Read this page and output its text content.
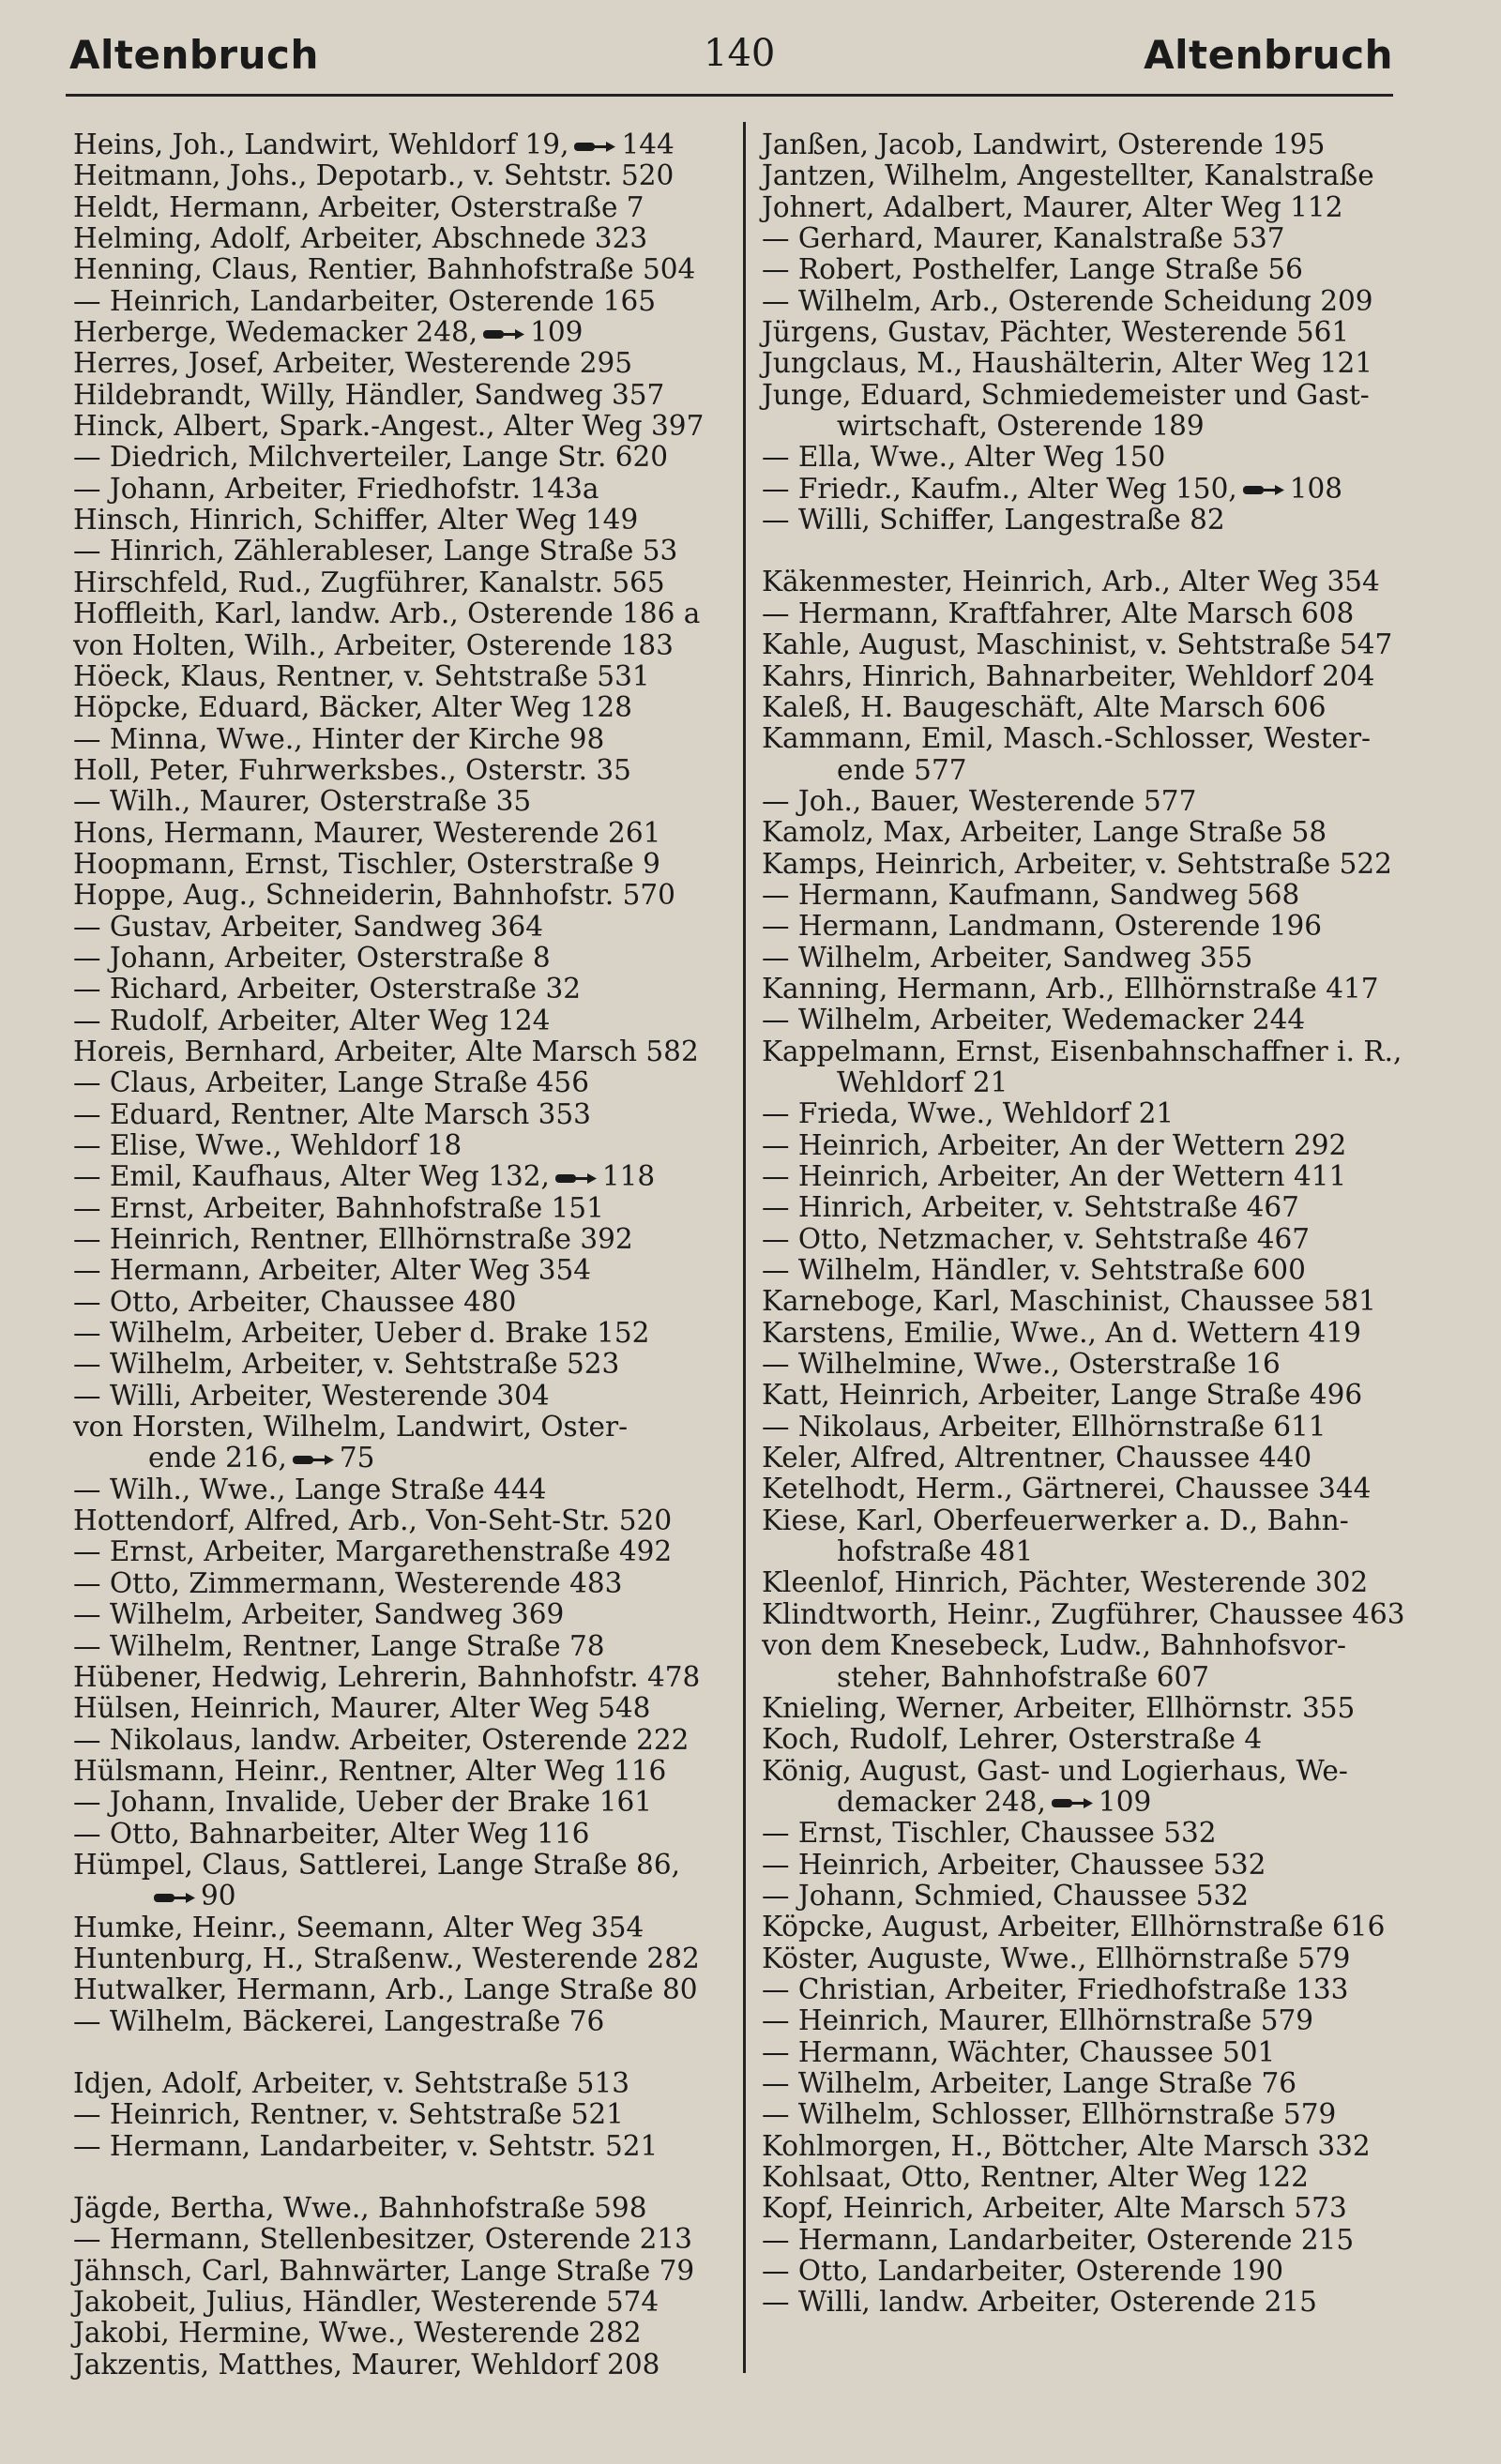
Altenbruch	140	Altenbruch
Heins, Joh., Landwirt, Wehldorf 19, 144
Heitmann, Johs., Depotarb., v. Sehtstr. 520
Heldt, Hermann, Arbeiter, Osterstraße 7
Helming, Adolf, Arbeiter, Abschnede 323
Henning, Claus, Rentier, Bahnhofstraße 504
— Heinrich, Landarbeiter, Osterende 165
Herberge, Wedemacker 248, 109
Herres, Josef, Arbeiter, Westerende 295
Hildebrandt, Willy, Händler, Sandweg 357
Hinck, Albert, Spark.-Angest., Alter Weg 397
— Diedrich, Milchverteiler, Lange Str. 620
— Johann, Arbeiter, Friedhofstr. 143a
Hinsch, Hinrich, Schiffer, Alter Weg 149
— Hinrich, Zählerableser, Lange Straße 53
Hirschfeld, Rud., Zugführer, Kanalstr. 565
Hoffleith, Karl, landw. Arb., Osterende 186 a
von Holten, Wilh., Arbeiter, Osterende 183
Höeck, Klaus, Rentner, v. Sehtstraße 531
Höpcke, Eduard, Bäcker, Alter Weg 128
— Minna, Wwe., Hinter der Kirche 98
Holl, Peter, Fuhrwerksbes., Osterstr. 35
— Wilh., Maurer, Osterstraße 35
Hons, Hermann, Maurer, Westerende 261
Hoopmann, Ernst, Tischler, Osterstraße 9
Hoppe, Aug., Schneiderin, Bahnhofstr. 570
— Gustav, Arbeiter, Sandweg 364
— Johann, Arbeiter, Osterstraße 8
— Richard, Arbeiter, Osterstraße 32
— Rudolf, Arbeiter, Alter Weg 124
Horeis, Bernhard, Arbeiter, Alte Marsch 582
— Claus, Arbeiter, Lange Straße 456
— Eduard, Rentner, Alte Marsch 353
— Elise, Wwe., Wehldorf 18
— Emil, Kaufhaus, Alter Weg 132, 118
— Ernst, Arbeiter, Bahnhofstraße 151
— Heinrich, Rentner, Ellhörnstraße 392
— Hermann, Arbeiter, Alter Weg 354
— Otto, Arbeiter, Chaussee 480
— Wilhelm, Arbeiter, Ueber d. Brake 152
— Wilhelm, Arbeiter, v. Sehtstraße 523
— Willi, Arbeiter, Westerende 304
von Horsten, Wilhelm, Landwirt, Oster-
ende 216, 75
— Wilh., Wwe., Lange Straße 444
Hottendorf, Alfred, Arb., Von-Seht-Str. 520
— Ernst, Arbeiter, Margarethenstraße 492
— Otto, Zimmermann, Westerende 483
— Wilhelm, Arbeiter, Sandweg 369
— Wilhelm, Rentner, Lange Straße 78
Hübener, Hedwig, Lehrerin, Bahnhofstr. 478
Hülsen, Heinrich, Maurer, Alter Weg 548
— Nikolaus, landw. Arbeiter, Osterende 222
Hülsmann, Heinr., Rentner, Alter Weg 116
— Johann, Invalide, Ueber der Brake 161
— Otto, Bahnarbeiter, Alter Weg 116
Hümpel, Claus, Sattlerei, Lange Straße 86,
90
Humke, Heinr., Seemann, Alter Weg 354
Huntenburg, H., Straßenw., Westerende 282
Hutwalker, Hermann, Arb., Lange Straße 80
— Wilhelm, Bäckerei, Langestraße 76
Idjen, Adolf, Arbeiter, v. Sehtstraße 513
— Heinrich, Rentner, v. Sehtstraße 521
— Hermann, Landarbeiter, v. Sehtstr. 521
Jägde, Bertha, Wwe., Bahnhofstraße 598
— Hermann, Stellenbesitzer, Osterende 213
Jähnsch, Carl, Bahnwärter, Lange Straße 79
Jakobeit, Julius, Händler, Westerende 574
Jakobi, Hermine, Wwe., Westerende 282
Jakzentis, Matthes, Maurer, Wehldorf 208
Janßen, Jacob, Landwirt, Osterende 195
Jantzen, Wilhelm, Angestellter, Kanalstraße
Johnert, Adalbert, Maurer, Alter Weg 112
— Gerhard, Maurer, Kanalstraße 537
— Robert, Posthelfer, Lange Straße 56
— Wilhelm, Arb., Osterende Scheidung 209
Jürgens, Gustav, Pächter, Westerende 561
Jungclaus, M., Haushälterin, Alter Weg 121
Junge, Eduard, Schmiedemeister und Gast-
wirtschaft, Osterende 189
— Ella, Wwe., Alter Weg 150
— Friedr., Kaufm., Alter Weg 150, 108
— Willi, Schiffer, Langestraße 82
Käkenmester, Heinrich, Arb., Alter Weg 354
— Hermann, Kraftfahrer, Alte Marsch 608
Kahle, August, Maschinist, v. Sehtstraße 547
Kahrs, Hinrich, Bahnarbeiter, Wehldorf 204
Kaleß, H. Baugeschäft, Alte Marsch 606
Kammann, Emil, Masch.-Schlosser, Wester-
ende 577
— Joh., Bauer, Westerende 577
Kamolz, Max, Arbeiter, Lange Straße 58
Kamps, Heinrich, Arbeiter, v. Sehtstraße 522
— Hermann, Kaufmann, Sandweg 568
— Hermann, Landmann, Osterende 196
— Wilhelm, Arbeiter, Sandweg 355
Kanning, Hermann, Arb., Ellhörnstraße 417
— Wilhelm, Arbeiter, Wedemacker 244
Kappelmann, Ernst, Eisenbahnschaffner i. R.,
Wehldorf 21
— Frieda, Wwe., Wehldorf 21
— Heinrich, Arbeiter, An der Wettern 292
— Heinrich, Arbeiter, An der Wettern 411
— Hinrich, Arbeiter, v. Sehtstraße 467
— Otto, Netzmacher, v. Sehtstraße 467
— Wilhelm, Händler, v. Sehtstraße 600
Karneboge, Karl, Maschinist, Chaussee 581
Karstens, Emilie, Wwe., An d. Wettern 419
— Wilhelmine, Wwe., Osterstraße 16
Katt, Heinrich, Arbeiter, Lange Straße 496
— Nikolaus, Arbeiter, Ellhörnstraße 611
Keler, Alfred, Altrentner, Chaussee 440
Ketelhodt, Herm., Gärtnerei, Chaussee 344
Kiese, Karl, Oberfeuerwerker a. D., Bahn-
hofstraße 481
Kleenlof, Hinrich, Pächter, Westerende 302
Klindtworth, Heinr., Zugführer, Chaussee 463
von dem Knesebeck, Ludw., Bahnhofsvor-
steher, Bahnhofstraße 607
Knieling, Werner, Arbeiter, Ellhörnstr. 355
Koch, Rudolf, Lehrer, Osterstraße 4
König, August, Gast- und Logierhaus, We-
demacker 248, 109
— Ernst, Tischler, Chaussee 532
— Heinrich, Arbeiter, Chaussee 532
— Johann, Schmied, Chaussee 532
Köpcke, August, Arbeiter, Ellhörnstraße 616
Köster, Auguste, Wwe., Ellhörnstraße 579
— Christian, Arbeiter, Friedhofstraße 133
— Heinrich, Maurer, Ellhörnstraße 579
— Hermann, Wächter, Chaussee 501
— Wilhelm, Arbeiter, Lange Straße 76
— Wilhelm, Schlosser, Ellhörnstraße 579
Kohlmorgen, H., Böttcher, Alte Marsch 332
Kohlsaat, Otto, Rentner, Alter Weg 122
Kopf, Heinrich, Arbeiter, Alte Marsch 573
— Hermann, Landarbeiter, Osterende 215
— Otto, Landarbeiter, Osterende 190
— Willi, landw. Arbeiter, Osterende 215
